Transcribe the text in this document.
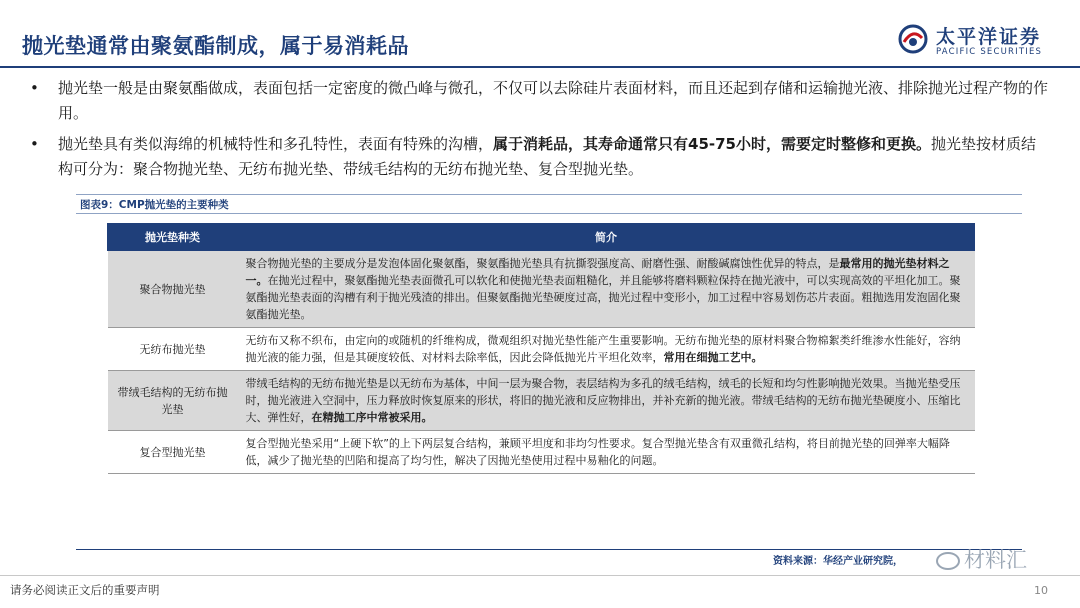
抛光垫通常由聚氨酯制成，属于易消耗品	太平洋证券
PACIFIC SECURITIES
• 抛光垫一般是由聚氨酯做成，表面包括一定密度的微凸峰与微孔，不仅可以去除硅片表面材料，而且还起到存储和运输抛光液、排除抛光过程产物的作用。
• 抛光垫具有类似海绵的机械特性和多孔特性，表面有特殊的沟槽，属于消耗品，其寿命通常只有45-75小时，需要定时整修和更换。抛光垫按材质结构可分为：聚合物抛光垫、无纺布抛光垫、带绒毛结构的无纺布抛光垫、复合型抛光垫。
图表9：CMP抛光垫的主要种类
抛光垫种类	简介
聚合物抛光垫	聚合物抛光垫的主要成分是发泡体固化聚氨酯，聚氨酯抛光垫具有抗撕裂强度高、耐磨性强、耐酸碱腐蚀性优异的特点，是最常用的抛光垫材料之一。在抛光过程中，聚氨酯抛光垫表面微孔可以软化和使抛光垫表面粗糙化，并且能够将磨料颗粒保持在抛光液中，可以实现高效的平坦化加工。聚氨酯抛光垫表面的沟槽有利于抛光残渣的排出。但聚氨酯抛光垫硬度过高，抛光过程中变形小，加工过程中容易划伤芯片表面。粗抛选用发泡固化聚氨酯抛光垫。
无纺布抛光垫	无纺布又称不织布，由定向的或随机的纤维构成，微观组织对抛光垫性能产生重要影响。无纺布抛光垫的原材料聚合物棉絮类纤维渗水性能好，容纳抛光液的能力强，但是其硬度较低、对材料去除率低，因此会降低抛光片平坦化效率，常用在细抛工艺中。
带绒毛结构的无纺布抛光垫	带绒毛结构的无纺布抛光垫是以无纺布为基体，中间一层为聚合物，表层结构为多孔的绒毛结构，绒毛的长短和均匀性影响抛光效果。当抛光垫受压时，抛光液进入空洞中，压力释放时恢复原来的形状，将旧的抛光液和反应物排出，并补充新的抛光液。带绒毛结构的无纺布抛光垫硬度小、压缩比大、弹性好，在精抛工序中常被采用。
复合型抛光垫	复合型抛光垫采用“上硬下软”的上下两层复合结构，兼顾平坦度和非均匀性要求。复合型抛光垫含有双重微孔结构，将目前抛光垫的回弹率大幅降低，减少了抛光垫的凹陷和提高了均匀性，解决了因抛光垫使用过程中易釉化的问题。
资料来源：华经产业研究院，	材料汇
请务必阅读正文后的重要声明	10
